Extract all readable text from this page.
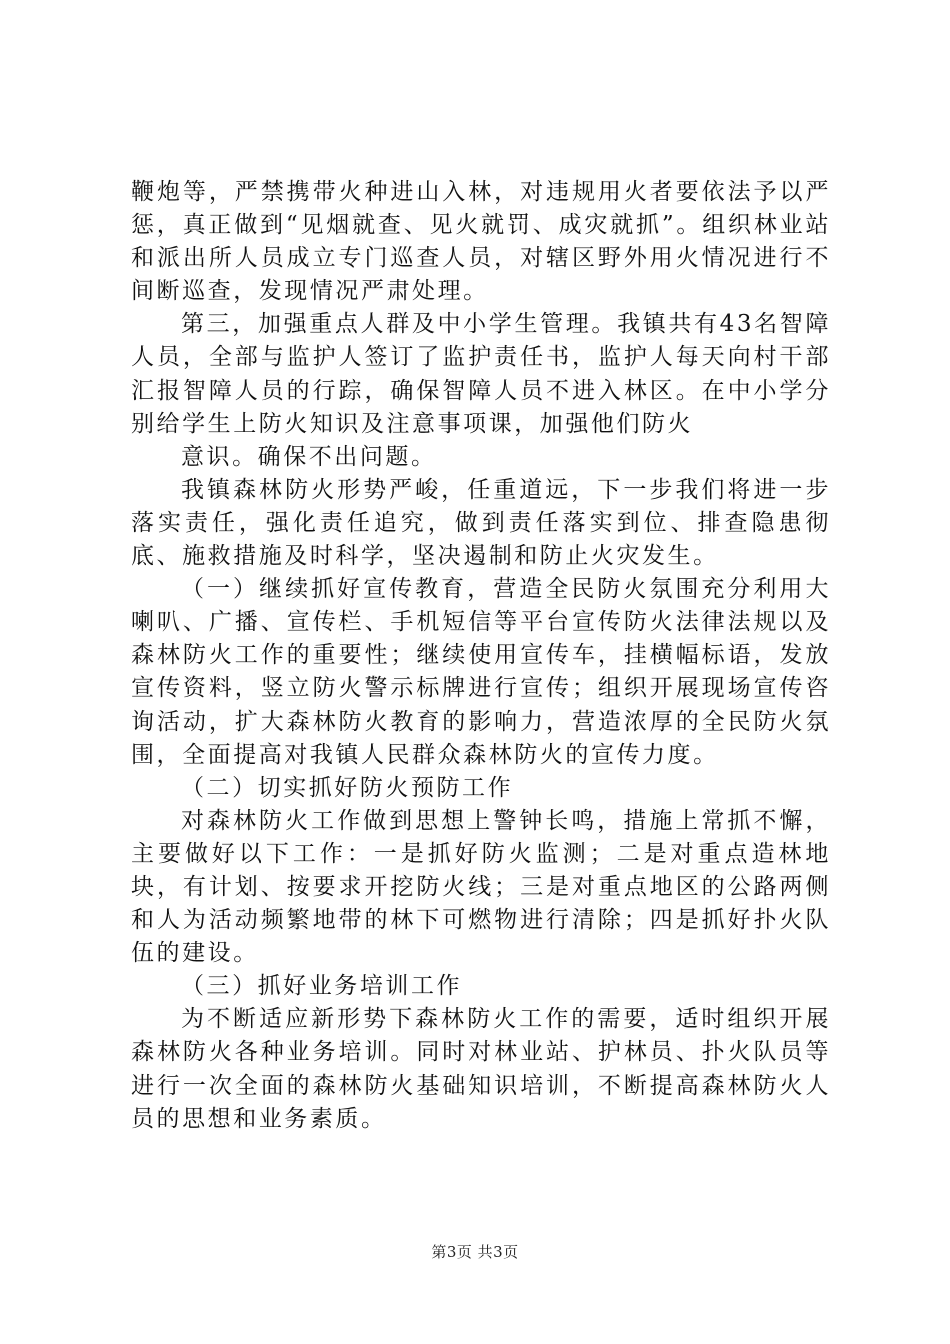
鞭炮等，严禁携带火种进山入林，对违规用火者要依法予以严惩，真正做到“见烟就查、见火就罚、成灾就抓”。组织林业站和派出所人员成立专门巡查人员，对辖区野外用火情况进行不间断巡查，发现情况严肃处理。

第三，加强重点人群及中小学生管理。我镇共有43名智障人员，全部与监护人签订了监护责任书，监护人每天向村干部汇报智障人员的行踪，确保智障人员不进入林区。在中小学分别给学生上防火知识及注意事项课，加强他们防火

意识。确保不出问题。

我镇森林防火形势严峻，任重道远，下一步我们将进一步落实责任，强化责任追究，做到责任落实到位、排查隐患彻底、施救措施及时科学，坚决遏制和防止火灾发生。

（一）继续抓好宣传教育，营造全民防火氛围充分利用大喇叭、广播、宣传栏、手机短信等平台宣传防火法律法规以及森林防火工作的重要性；继续使用宣传车，挂横幅标语，发放宣传资料，竖立防火警示标牌进行宣传；组织开展现场宣传咨询活动，扩大森林防火教育的影响力，营造浓厚的全民防火氛围，全面提高对我镇人民群众森林防火的宣传力度。

（二）切实抓好防火预防工作

对森林防火工作做到思想上警钟长鸣，措施上常抓不懈，主要做好以下工作：一是抓好防火监测；二是对重点造林地块，有计划、按要求开挖防火线；三是对重点地区的公路两侧和人为活动频繁地带的林下可燃物进行清除；四是抓好扑火队伍的建设。

（三）抓好业务培训工作

为不断适应新形势下森林防火工作的需要，适时组织开展森林防火各种业务培训。同时对林业站、护林员、扑火队员等进行一次全面的森林防火基础知识培训，不断提高森林防火人员的思想和业务素质。

第3页 共3页
